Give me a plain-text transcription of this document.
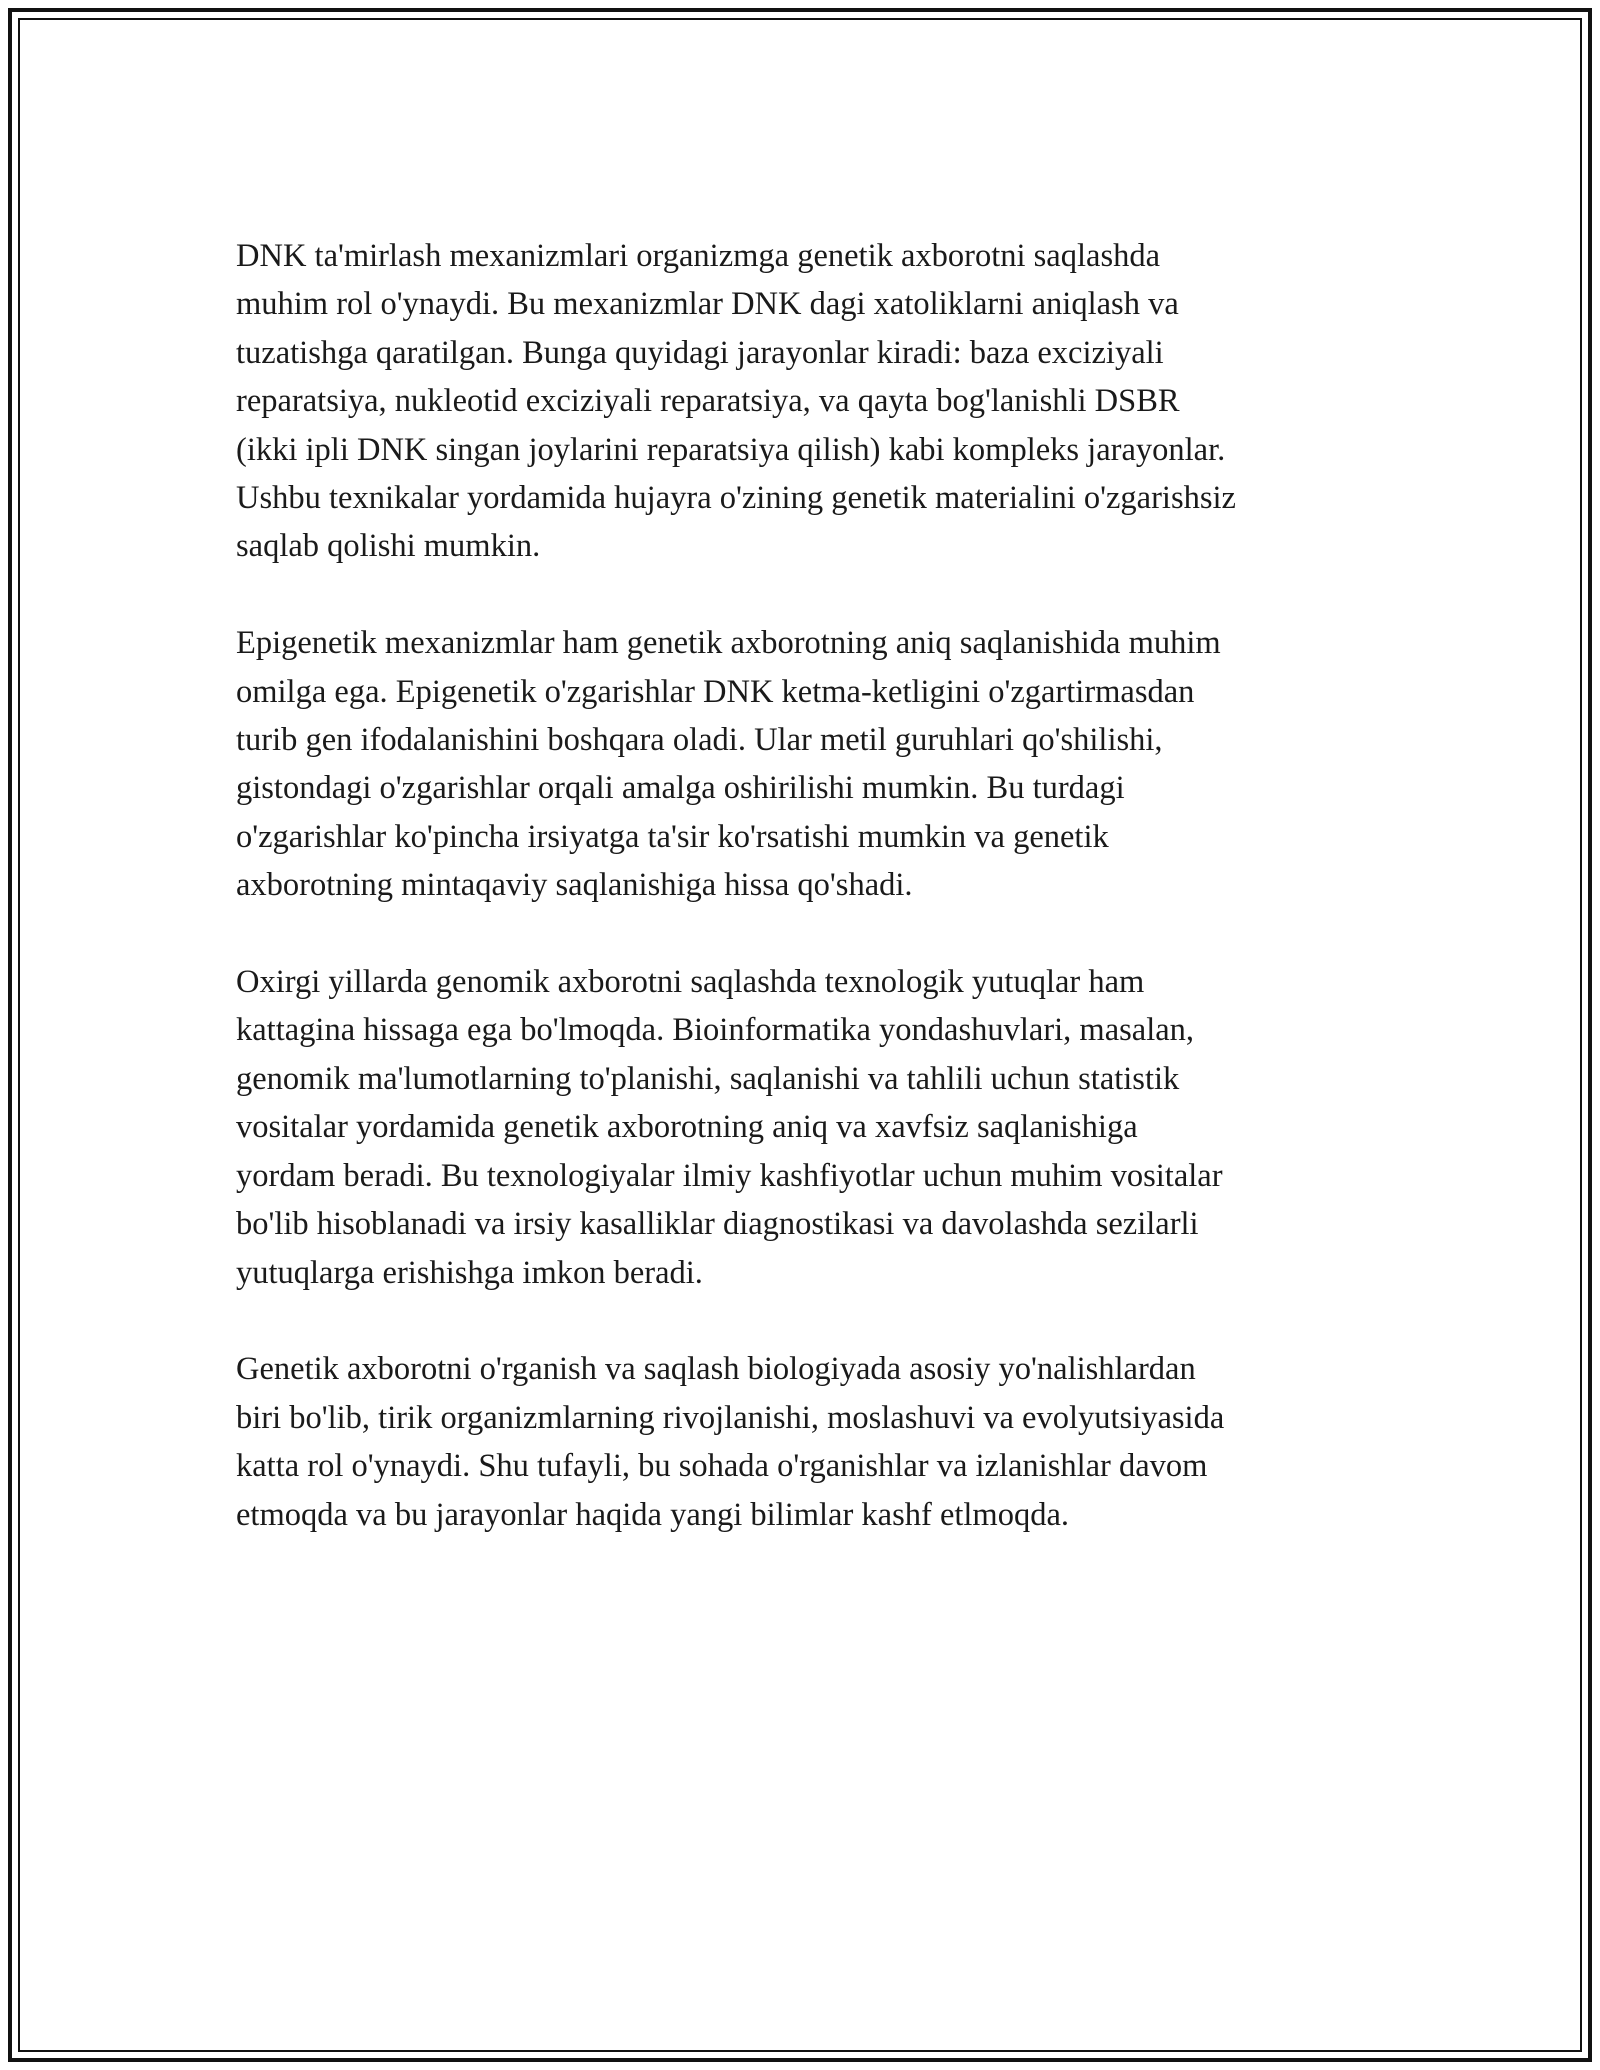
DNK ta'mirlash mexanizmlari organizmga genetik axborotni saqlashda
muhim rol o'ynaydi. Bu mexanizmlar DNK dagi xatoliklarni aniqlash va
tuzatishga qaratilgan. Bunga quyidagi jarayonlar kiradi: baza exciziyali
reparatsiya, nukleotid exciziyali reparatsiya, va qayta bog'lanishli DSBR
(ikki ipli DNK singan joylarini reparatsiya qilish) kabi kompleks jarayonlar.
Ushbu texnikalar yordamida hujayra o'zining genetik materialini o'zgarishsiz
saqlab qolishi mumkin.

Epigenetik mexanizmlar ham genetik axborotning aniq saqlanishida muhim
omilga ega. Epigenetik o'zgarishlar DNK ketma-ketligini o'zgartirmasdan
turib gen ifodalanishini boshqara oladi. Ular metil guruhlari qo'shilishi,
gistondagi o'zgarishlar orqali amalga oshirilishi mumkin. Bu turdagi
o'zgarishlar ko'pincha irsiyatga ta'sir ko'rsatishi mumkin va genetik
axborotning mintaqaviy saqlanishiga hissa qo'shadi.

Oxirgi yillarda genomik axborotni saqlashda texnologik yutuqlar ham
kattagina hissaga ega bo'lmoqda. Bioinformatika yondashuvlari, masalan,
genomik ma'lumotlarning to'planishi, saqlanishi va tahlili uchun statistik
vositalar yordamida genetik axborotning aniq va xavfsiz saqlanishiga
yordam beradi. Bu texnologiyalar ilmiy kashfiyotlar uchun muhim vositalar
bo'lib hisoblanadi va irsiy kasalliklar diagnostikasi va davolashda sezilarli
yutuqlarga erishishga imkon beradi.

Genetik axborotni o'rganish va saqlash biologiyada asosiy yo'nalishlardan
biri bo'lib, tirik organizmlarning rivojlanishi, moslashuvi va evolyutsiyasida
katta rol o'ynaydi. Shu tufayli, bu sohada o'rganishlar va izlanishlar davom
etmoqda va bu jarayonlar haqida yangi bilimlar kashf etlmoqda.
